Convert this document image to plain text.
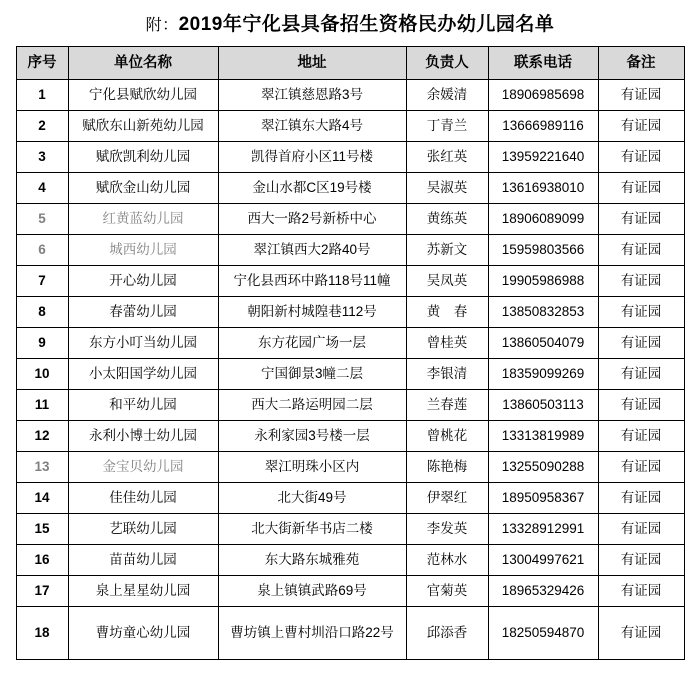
附：2019年宁化县具备招生资格民办幼儿园名单
序号	单位名称	地址	负责人	联系电话	备注
1	宁化县赋欣幼儿园	翠江镇慈恩路3号	余媛清	18906985698	有证园
2	赋欣东山新苑幼儿园	翠江镇东大路4号	丁青兰	13666989116	有证园
3	赋欣凯利幼儿园	凯得首府小区11号楼	张红英	13959221640	有证园
4	赋欣金山幼儿园	金山水都C区19号楼	吴淑英	13616938010	有证园
5	红黄蓝幼儿园	西大一路2号新桥中心	黄练英	18906089099	有证园
6	城西幼儿园	翠江镇西大2路40号	苏新文	15959803566	有证园
7	开心幼儿园	宁化县西环中路118号11幢	吴凤英	19905986988	有证园
8	春蕾幼儿园	朝阳新村城隍巷112号	黄　春	13850832853	有证园
9	东方小叮当幼儿园	东方花园广场一层	曾桂英	13860504079	有证园
10	小太阳国学幼儿园	宁国御景3幢二层	李银清	18359099269	有证园
11	和平幼儿园	西大二路运明园二层	兰春莲	13860503113	有证园
12	永利小博士幼儿园	永利家园3号楼一层	曾桃花	13313819989	有证园
13	金宝贝幼儿园	翠江明珠小区内	陈艳梅	13255090288	有证园
14	佳佳幼儿园	北大街49号	伊翠红	18950958367	有证园
15	艺联幼儿园	北大街新华书店二楼	李发英	13328912991	有证园
16	苗苗幼儿园	东大路东城雅苑	范林水	13004997621	有证园
17	泉上星星幼儿园	泉上镇镇武路69号	官菊英	18965329426	有证园
18	曹坊童心幼儿园	曹坊镇上曹村圳沿口路22号	邱添香	18250594870	有证园
